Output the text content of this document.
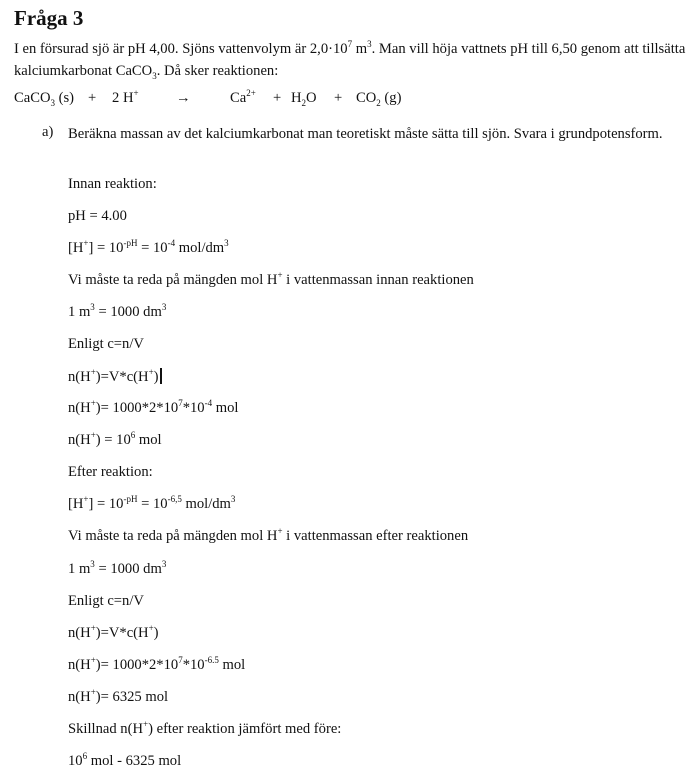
Fråga 3

I en försurad sjö är pH 4,00. Sjöns vattenvolym är $2,0\cdot 10^7$ $m^3$. Man vill höja vattnets pH till 6,50 genom att tillsätta kalciumkarbonat CaCO$_3$. Då sker reaktionen:

CaCO$_3$ (s) + 2 H+	→	$Ca^{2+} + H_2O + CO_2$ (g)
a) Beräkna massan av det kalciumkarbonat man teoretiskt måste sätta till sjön. Svara i grundpotensform.

Innan reaktion:

pH = 4.00

$[H^+] = 10^{-pH} = 10^{-4}$ mol/$dm^3$

Vi måste ta reda på mängden mol H+ i vattenmassan innan reaktionen

1 $m^3 = 1000$ $dm^3$

Enligt c=n/V

n(H+)=V*c(H+)

$n(H^+)= 1000*2*10^7*10^{-4}$ mol

$n(H^+) = 10^6$ mol

Efter reaktion:

$[H^+] = 10^{-pH} = 10^{-6,5}$ mol/$dm^3$

Vi måste ta reda på mängden mol H+ i vattenmassan efter reaktionen

1 $m^3 = 1000$ $dm^3$

Enligt c=n/V

n(H+)=V*c(H+)

$n(H^+)= 1000*2*10^7*10^{-6.5}$ mol

n(H+)= 6325 mol

Skillnad n(H+) efter reaktion jämfört med före:

$10^6$ mol - 6325 mol
